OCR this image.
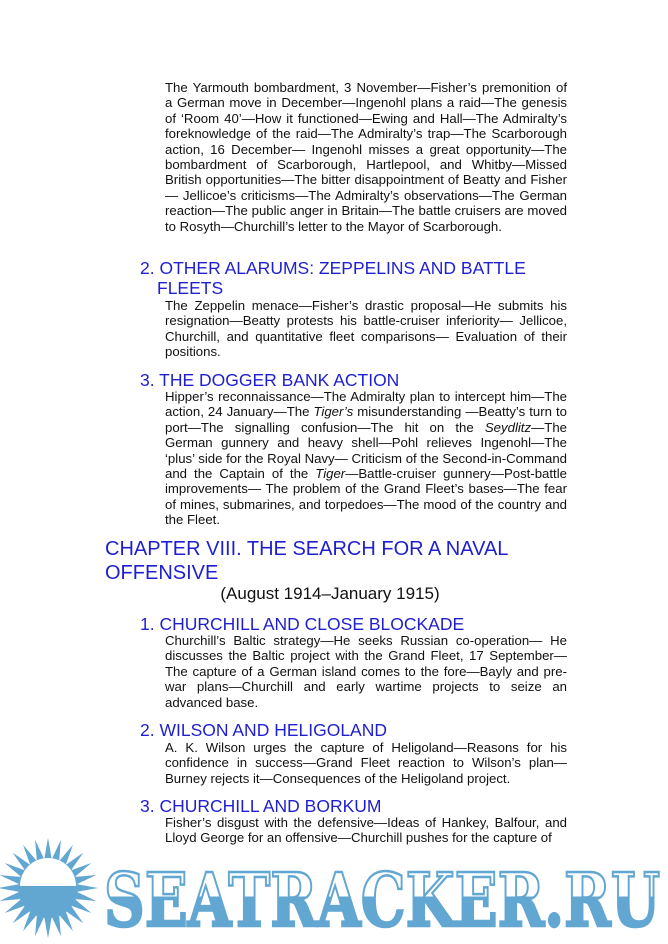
The Yarmouth bombardment, 3 November—Fisher’s premonition of a German move in December—Ingenohl plans a raid—The genesis of ‘Room 40’—How it functioned—Ewing and Hall—The Admiralty’s foreknowledge of the raid—The Admiralty’s trap—The Scarborough action, 16 December— Ingenohl misses a great opportunity—The bombardment of Scarborough, Hartlepool, and Whitby—Missed British opportunities—The bitter disappointment of Beatty and Fisher— Jellicoe’s criticisms—The Admiralty’s observations—The German reaction—The public anger in Britain—The battle cruisers are moved to Rosyth—Churchill’s letter to the Mayor of Scarborough.
2. OTHER ALARUMS: ZEPPELINS AND BATTLE
FLEETS
The Zeppelin menace—Fisher’s drastic proposal—He submits his resignation—Beatty protests his battle-cruiser inferiority— Jellicoe, Churchill, and quantitative fleet comparisons— Evaluation of their positions.
3. THE DOGGER BANK ACTION
Hipper’s reconnaissance—The Admiralty plan to intercept him—The action, 24 January—The Tiger’s misunderstanding —Beatty’s turn to port—The signalling confusion—The hit on the Seydlitz—The German gunnery and heavy shell—Pohl relieves Ingenohl—The ‘plus’ side for the Royal Navy— Criticism of the Second-in-Command and the Captain of the Tiger—Battle-cruiser gunnery—Post-battle improvements— The problem of the Grand Fleet’s bases—The fear of mines, submarines, and torpedoes—The mood of the country and the Fleet.
CHAPTER VIII. THE SEARCH FOR A NAVAL OFFENSIVE
(August 1914–January 1915)
1. CHURCHILL AND CLOSE BLOCKADE
Churchill’s Baltic strategy—He seeks Russian co-operation— He discusses the Baltic project with the Grand Fleet, 17 September—The capture of a German island comes to the fore—Bayly and pre-war plans—Churchill and early wartime projects to seize an advanced base.
2. WILSON AND HELIGOLAND
A. K. Wilson urges the capture of Heligoland—Reasons for his confidence in success—Grand Fleet reaction to Wilson’s plan—Burney rejects it—Consequences of the Heligoland project.
3. CHURCHILL AND BORKUM
Fisher’s disgust with the defensive—Ideas of Hankey, Balfour, and Lloyd George for an offensive—Churchill pushes for the capture of
SEATRACKER.RU
